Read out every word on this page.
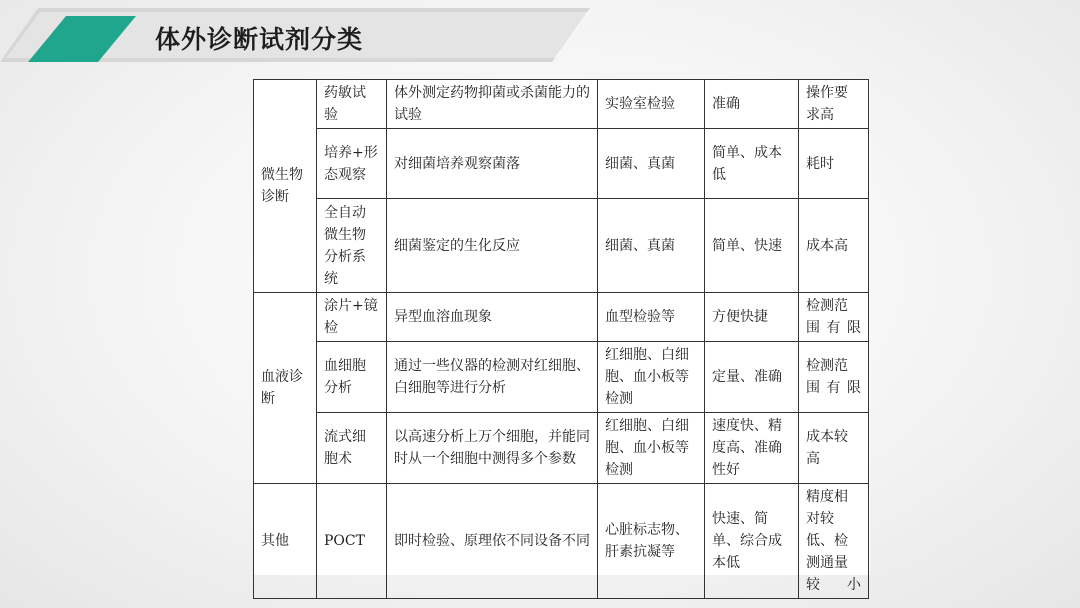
体外诊断试剂分类
微生物诊断	药敏试验	体外测定药物抑菌或杀菌能力的试验	实验室检验	准确	操作要求高
	培养+形态观察	对细菌培养观察菌落	细菌、真菌	简单、成本低	耗时
	全自动微生物分析系统	细菌鉴定的生化反应	细菌、真菌	简单、快速	成本高
血液诊断	涂片+镜检	异型血溶血现象	血型检验等	方便快捷	检测范围有限
	血细胞分析	通过一些仪器的检测对红细胞、白细胞等进行分析	红细胞、白细胞、血小板等检测	定量、准确	检测范围有限
	流式细胞术	以高速分析上万个细胞，并能同时从一个细胞中测得多个参数	红细胞、白细胞、血小板等检测	速度快、精度高、准确性好	成本较高
其他	POCT	即时检验、原理依不同设备不同	心脏标志物、肝素抗凝等	快速、简单、综合成本低	精度相对较低、检测通量较小
